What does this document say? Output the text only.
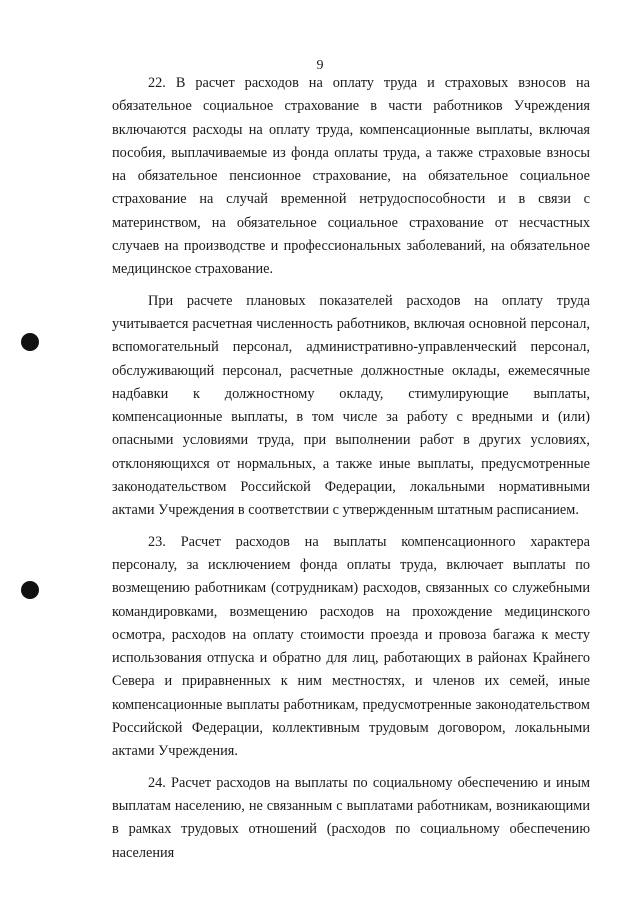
9

22. В расчет расходов на оплату труда и страховых взносов на обязательное социальное страхование в части работников Учреждения включаются расходы на оплату труда, компенсационные выплаты, включая пособия, выплачиваемые из фонда оплаты труда, а также страховые взносы на обязательное пенсионное страхование, на обязательное социальное страхование на случай временной нетрудоспособности и в связи с материнством, на обязательное социальное страхование от несчастных случаев на производстве и профессиональных заболеваний, на обязательное медицинское страхование.

При расчете плановых показателей расходов на оплату труда учитывается расчетная численность работников, включая основной персонал, вспомогательный персонал, административно-управленческий персонал, обслуживающий персонал, расчетные должностные оклады, ежемесячные надбавки к должностному окладу, стимулирующие выплаты, компенсационные выплаты, в том числе за работу с вредными и (или) опасными условиями труда, при выполнении работ в других условиях, отклоняющихся от нормальных, а также иные выплаты, предусмотренные законодательством Российской Федерации, локальными нормативными актами Учреждения в соответствии с утвержденным штатным расписанием.

23. Расчет расходов на выплаты компенсационного характера персоналу, за исключением фонда оплаты труда, включает выплаты по возмещению работникам (сотрудникам) расходов, связанных со служебными командировками, возмещению расходов на прохождение медицинского осмотра, расходов на оплату стоимости проезда и провоза багажа к месту использования отпуска и обратно для лиц, работающих в районах Крайнего Севера и приравненных к ним местностях, и членов их семей, иные компенсационные выплаты работникам, предусмотренные законодательством Российской Федерации, коллективным трудовым договором, локальными актами Учреждения.

24. Расчет расходов на выплаты по социальному обеспечению и иным выплатам населению, не связанным с выплатами работникам, возникающими в рамках трудовых отношений (расходов по социальному обеспечению населения
